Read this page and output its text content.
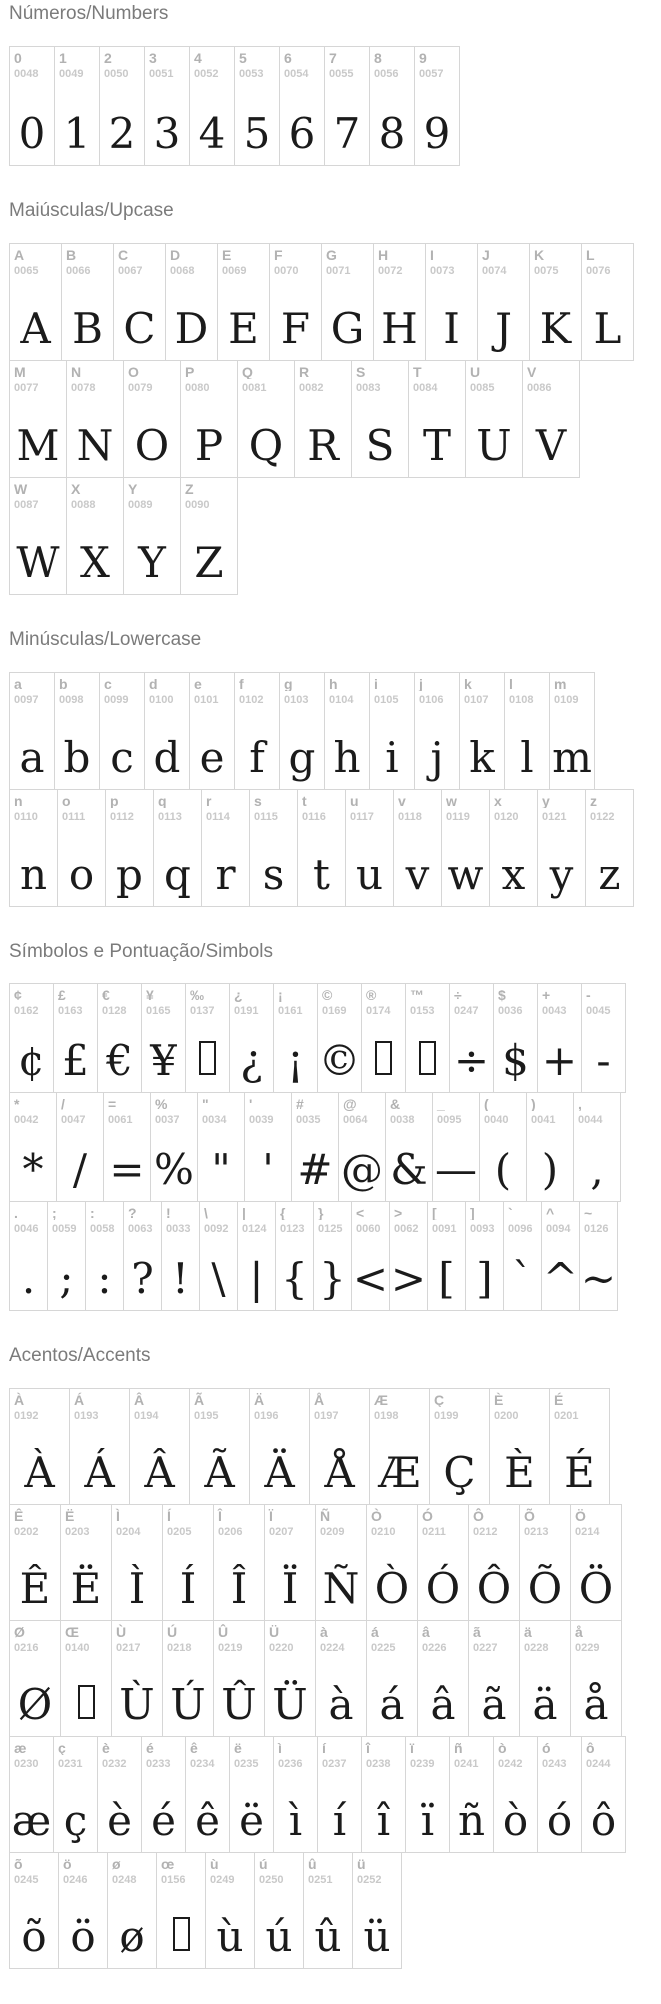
Números/Numbers
0
0048
0
1
0049
1
2
0050
2
3
0051
3
4
0052
4
5
0053
5
6
0054
6
7
0055
7
8
0056
8
9
0057
9
Maiúsculas/Upcase
A
0065
A
B
0066
B
C
0067
C
D
0068
D
E
0069
E
F
0070
F
G
0071
G
H
0072
H
I
0073
I
J
0074
J
K
0075
K
L
0076
L
M
0077
M
N
0078
N
O
0079
O
P
0080
P
Q
0081
Q
R
0082
R
S
0083
S
T
0084
T
U
0085
U
V
0086
V
W
0087
W
X
0088
X
Y
0089
Y
Z
0090
Z
Minúsculas/Lowercase
a
0097
a
b
0098
b
c
0099
c
d
0100
d
e
0101
e
f
0102
f
g
0103
g
h
0104
h
i
0105
i
j
0106
j
k
0107
k
l
0108
l
m
0109
m
n
0110
n
o
0111
o
p
0112
p
q
0113
q
r
0114
r
s
0115
s
t
0116
t
u
0117
u
v
0118
v
w
0119
w
x
0120
x
y
0121
y
z
0122
z
Símbolos e Pontuação/Simbols
¢
0162
¢
£
0163
£
€
0128
€
¥
0165
¥
‰
0137
¿
0191
¿
¡
0161
¡
©
0169
©
®
0174
™
0153
÷
0247
÷
$
0036
$
+
0043
+
-
0045
-
*
0042
*
/
0047
/
=
0061
=
%
0037
%
"
0034
"
'
0039
'
#
0035
#
@
0064
@
&
0038
&
_
0095
—
(
0040
(
)
0041
)
,
0044
,
.
0046
.
;
0059
;
:
0058
:
?
0063
?
!
0033
!
\
0092
\
|
0124
|
{
0123
{
}
0125
}
<
0060
<
>
0062
>
[
0091
[
]
0093
]
`
0096
`
^
0094
^
~
0126
~
Acentos/Accents
À
0192
À
Á
0193
Á
Â
0194
Â
Ã
0195
Ã
Ä
0196
Ä
Å
0197
Å
Æ
0198
Æ
Ç
0199
Ç
È
0200
È
É
0201
É
Ê
0202
Ê
Ë
0203
Ë
Ì
0204
Ì
Í
0205
Í
Î
0206
Î
Ï
0207
Ï
Ñ
0209
Ñ
Ò
0210
Ò
Ó
0211
Ó
Ô
0212
Ô
Õ
0213
Õ
Ö
0214
Ö
Ø
0216
Ø
Œ
0140
Ù
0217
Ù
Ú
0218
Ú
Û
0219
Û
Ü
0220
Ü
à
0224
à
á
0225
á
â
0226
â
ã
0227
ã
ä
0228
ä
å
0229
å
æ
0230
æ
ç
0231
ç
è
0232
è
é
0233
é
ê
0234
ê
ë
0235
ë
ì
0236
ì
í
0237
í
î
0238
î
ï
0239
ï
ñ
0241
ñ
ò
0242
ò
ó
0243
ó
ô
0244
ô
õ
0245
õ
ö
0246
ö
ø
0248
ø
œ
0156
ù
0249
ù
ú
0250
ú
û
0251
û
ü
0252
ü
